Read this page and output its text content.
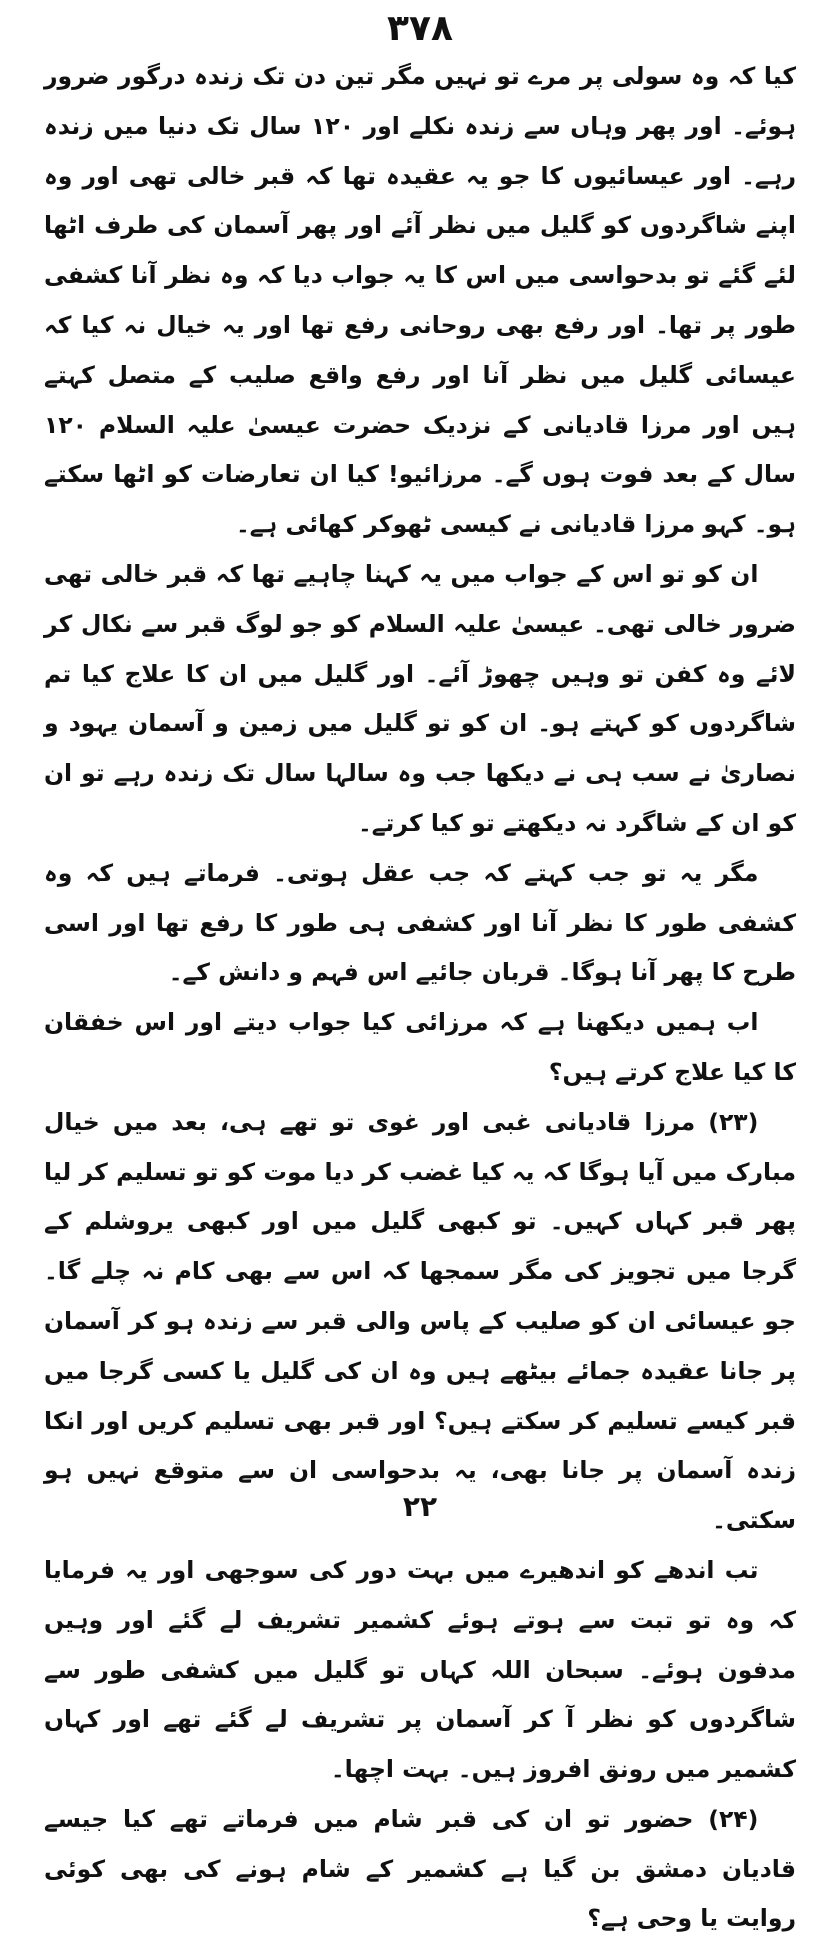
۳۷۸

کیا کہ وہ سولی پر مرے تو نہیں مگر تین دن تک زندہ درگور ضرور ہوئے۔ اور پھر وہاں سے زندہ نکلے اور ۱۲۰ سال تک دنیا میں زندہ رہے۔ اور عیسائیوں کا جو یہ عقیدہ تھا کہ قبر خالی تھی اور وہ اپنے شاگردوں کو گلیل میں نظر آئے اور پھر آسمان کی طرف اٹھا لئے گئے تو بدحواسی میں اس کا یہ جواب دیا کہ وہ نظر آنا کشفی طور پر تھا۔ اور رفع بھی روحانی رفع تھا اور یہ خیال نہ کیا کہ عیسائی گلیل میں نظر آنا اور رفع واقع صلیب کے متصل کہتے ہیں اور مرزا قادیانی کے نزدیک حضرت عیسیٰ علیہ السلام ۱۲۰ سال کے بعد فوت ہوں گے۔ مرزائیو! کیا ان تعارضات کو اٹھا سکتے ہو۔ کہو مرزا قادیانی نے کیسی ٹھوکر کھائی ہے۔

ان کو تو اس کے جواب میں یہ کہنا چاہیے تھا کہ قبر خالی تھی ضرور خالی تھی۔ عیسیٰ علیہ السلام کو جو لوگ قبر سے نکال کر لائے وہ کفن تو وہیں چھوڑ آئے۔ اور گلیل میں ان کا علاج کیا تم شاگردوں کو کہتے ہو۔ ان کو تو گلیل میں زمین و آسمان یہود و نصاریٰ نے سب ہی نے دیکھا جب وہ سالہا سال تک زندہ رہے تو ان کو ان کے شاگرد نہ دیکھتے تو کیا کرتے۔

مگر یہ تو جب کہتے کہ جب عقل ہوتی۔ فرماتے ہیں کہ وہ کشفی طور کا نظر آنا اور کشفی ہی طور کا رفع تھا اور اسی طرح کا پھر آنا ہوگا۔ قربان جائیے اس فہم و دانش کے۔

اب ہمیں دیکھنا ہے کہ مرزائی کیا جواب دیتے اور اس خفقان کا کیا علاج کرتے ہیں؟

(۲۳) مرزا قادیانی غبی اور غوی تو تھے ہی، بعد میں خیال مبارک میں آیا ہوگا کہ یہ کیا غضب کر دیا موت کو تو تسلیم کر لیا پھر قبر کہاں کہیں۔ تو کبھی گلیل میں اور کبھی یروشلم کے گرجا میں تجویز کی مگر سمجھا کہ اس سے بھی کام نہ چلے گا۔ جو عیسائی ان کو صلیب کے پاس والی قبر سے زندہ ہو کر آسمان پر جانا عقیدہ جمائے بیٹھے ہیں وہ ان کی گلیل یا کسی گرجا میں قبر کیسے تسلیم کر سکتے ہیں؟ اور قبر بھی تسلیم کریں اور انکا زندہ آسمان پر جانا بھی، یہ بدحواسی ان سے متوقع نہیں ہو سکتی۔

تب اندھے کو اندھیرے میں بہت دور کی سوجھی اور یہ فرمایا کہ وہ تو تبت سے ہوتے ہوئے کشمیر تشریف لے گئے اور وہیں مدفون ہوئے۔ سبحان اللہ کہاں تو گلیل میں کشفی طور سے شاگردوں کو نظر آ کر آسمان پر تشریف لے گئے تھے اور کہاں کشمیر میں رونق افروز ہیں۔ بہت اچھا۔

(۲۴) حضور تو ان کی قبر شام میں فرماتے تھے کیا جیسے قادیان دمشق بن گیا ہے کشمیر کے شام ہونے کی بھی کوئی روایت یا وحی ہے؟

۲۲
